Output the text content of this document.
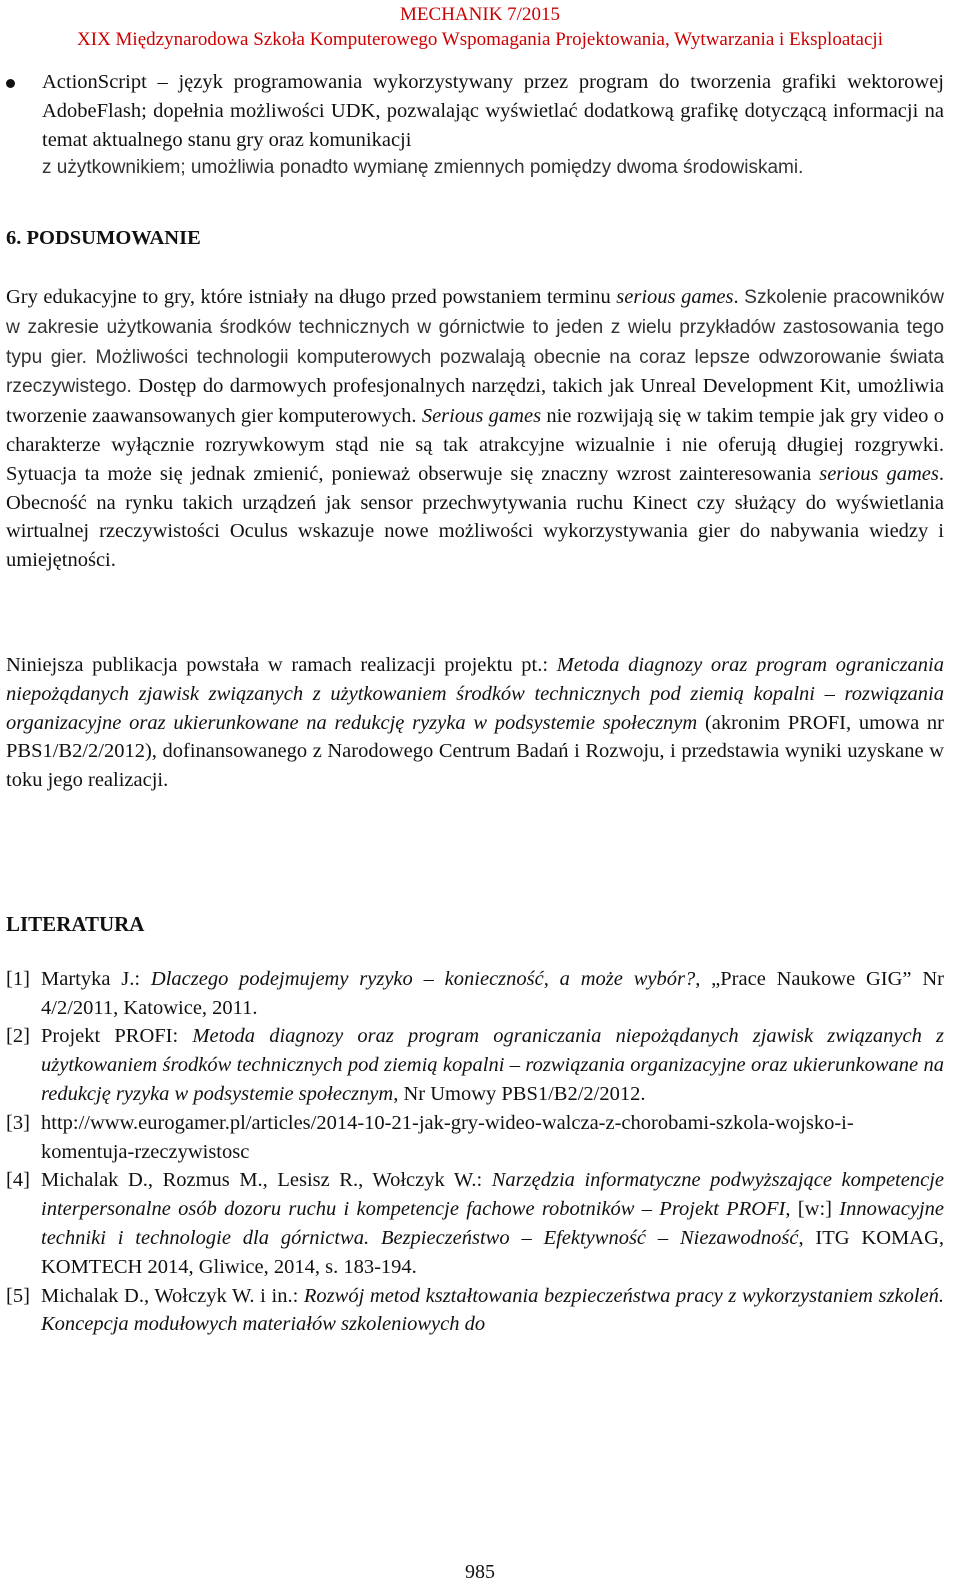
MECHANIK 7/2015
XIX Międzynarodowa Szkoła Komputerowego Wspomagania Projektowania, Wytwarzania i Eksploatacji
ActionScript – język programowania wykorzystywany przez program do tworzenia grafiki wektorowej AdobeFlash; dopełnia możliwości UDK, pozwalając wyświetlać dodatkową grafikę dotyczącą informacji na temat aktualnego stanu gry oraz komunikacji
z użytkownikiem; umożliwia ponadto wymianę zmiennych pomiędzy dwoma środowiskami.
6. PODSUMOWANIE

Gry edukacyjne to gry, które istniały na długo przed powstaniem terminu serious games. Szkolenie pracowników w zakresie użytkowania środków technicznych w górnictwie to jeden z wielu przykładów zastosowania tego typu gier. Możliwości technologii komputerowych pozwalają obecnie na coraz lepsze odwzorowanie świata rzeczywistego. Dostęp do darmowych profesjonalnych narzędzi, takich jak Unreal Development Kit, umożliwia tworzenie zaawansowanych gier komputerowych. Serious games nie rozwijają się w takim tempie jak gry video o charakterze wyłącznie rozrywkowym stąd nie są tak atrakcyjne wizualnie i nie oferują długiej rozgrywki. Sytuacja ta może się jednak zmienić, ponieważ obserwuje się znaczny wzrost zainteresowania serious games. Obecność na rynku takich urządzeń jak sensor przechwytywania ruchu Kinect czy służący do wyświetlania wirtualnej rzeczywistości Oculus wskazuje nowe możliwości wykorzystywania gier do nabywania wiedzy i umiejętności.

Niniejsza publikacja powstała w ramach realizacji projektu pt.: Metoda diagnozy oraz program ograniczania niepożądanych zjawisk związanych z użytkowaniem środków technicznych pod ziemią kopalni – rozwiązania organizacyjne oraz ukierunkowane na redukcję ryzyka w podsystemie społecznym (akronim PROFI, umowa nr PBS1/B2/2/2012), dofinansowanego z Narodowego Centrum Badań i Rozwoju, i przedstawia wyniki uzyskane w toku jego realizacji.

LITERATURA
[1] Martyka J.: Dlaczego podejmujemy ryzyko – konieczność, a może wybór?, „Prace Naukowe GIG” Nr 4/2/2011, Katowice, 2011.
[2] Projekt PROFI: Metoda diagnozy oraz program ograniczania niepożądanych zjawisk związanych z użytkowaniem środków technicznych pod ziemią kopalni – rozwiązania organizacyjne oraz ukierunkowane na redukcję ryzyka w podsystemie społecznym, Nr Umowy PBS1/B2/2/2012.
[3] http://www.eurogamer.pl/articles/2014-10-21-jak-gry-wideo-walcza-z-chorobami-szkola-wojsko-i-komentuja-rzeczywistosc
[4] Michalak D., Rozmus M., Lesisz R., Wołczyk W.: Narzędzia informatyczne podwyższające kompetencje interpersonalne osób dozoru ruchu i kompetencje fachowe robotników – Projekt PROFI, [w:] Innowacyjne techniki i technologie dla górnictwa. Bezpieczeństwo – Efektywność – Niezawodność, ITG KOMAG, KOMTECH 2014, Gliwice, 2014, s. 183-194.
[5] Michalak D., Wołczyk W. i in.: Rozwój metod kształtowania bezpieczeństwa pracy z wykorzystaniem szkoleń. Koncepcja modułowych materiałów szkoleniowych do
985
